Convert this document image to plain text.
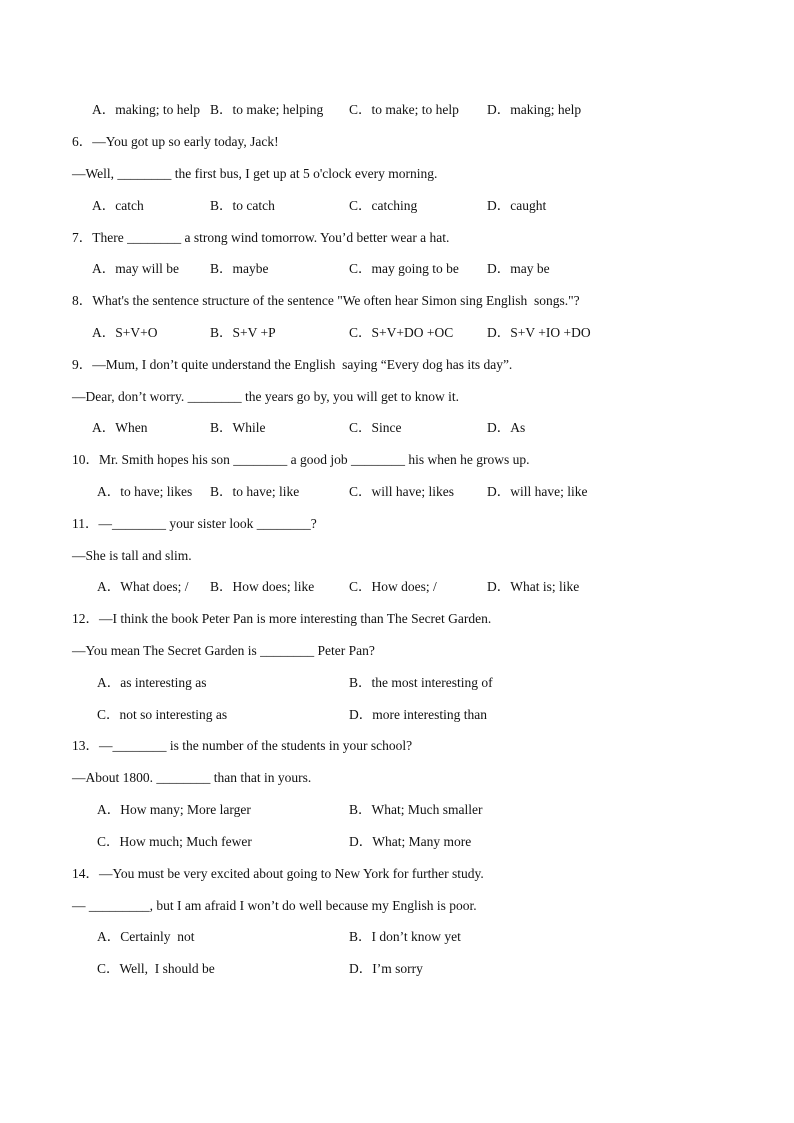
A．making; to help B．to make; helping C．to make; to help D．making; help
6．—You got up so early today, Jack!
—Well, ________ the first bus, I get up at 5 o'clock every morning.
A．catch	B．to catch	C．catching	D．caught
7．There ________ a strong wind tomorrow. You’d better wear a hat.
A．may will be B．maybe	C．may going to be D．may be
8．What's the sentence structure of the sentence "We often hear Simon sing English  songs."?
A．S+V+O	B．S+V +P	C．S+V+DO +OC	D．S+V +IO +DO
9．—Mum, I don’t quite understand the English  saying “Every dog has its day”.
—Dear, don’t worry. ________ the years go by, you will get to know it.
A．When	B．While	C．Since	D．As
10．Mr. Smith hopes his son ________ a good job ________ his when he grows up.
A．to have; likes B．to have; like	C．will have; likes D．will have; like
11．—________ your sister look ________?
—She is tall and slim.
A．What does; / B．How does; like	C．How does; /	D．What is; like
12．—I think the book Peter Pan is more interesting than The Secret Garden.
—You mean The Secret Garden is ________ Peter Pan?
A．as interesting as	B．the most interesting of
C．not so interesting as	D．more interesting than
13．—________ is the number of the students in your school?
—About 1800. ________ than that in yours.
A．How many; More larger	B．What; Much smaller
C．How much; Much fewer	D．What; Many more
14．—You must be very excited about going to New York for further study.
— _________, but I am afraid I won’t do well because my English is poor.
A．Certainly  not	B．I don’t know yet
C．Well,  I should be	D．I’m sorry
